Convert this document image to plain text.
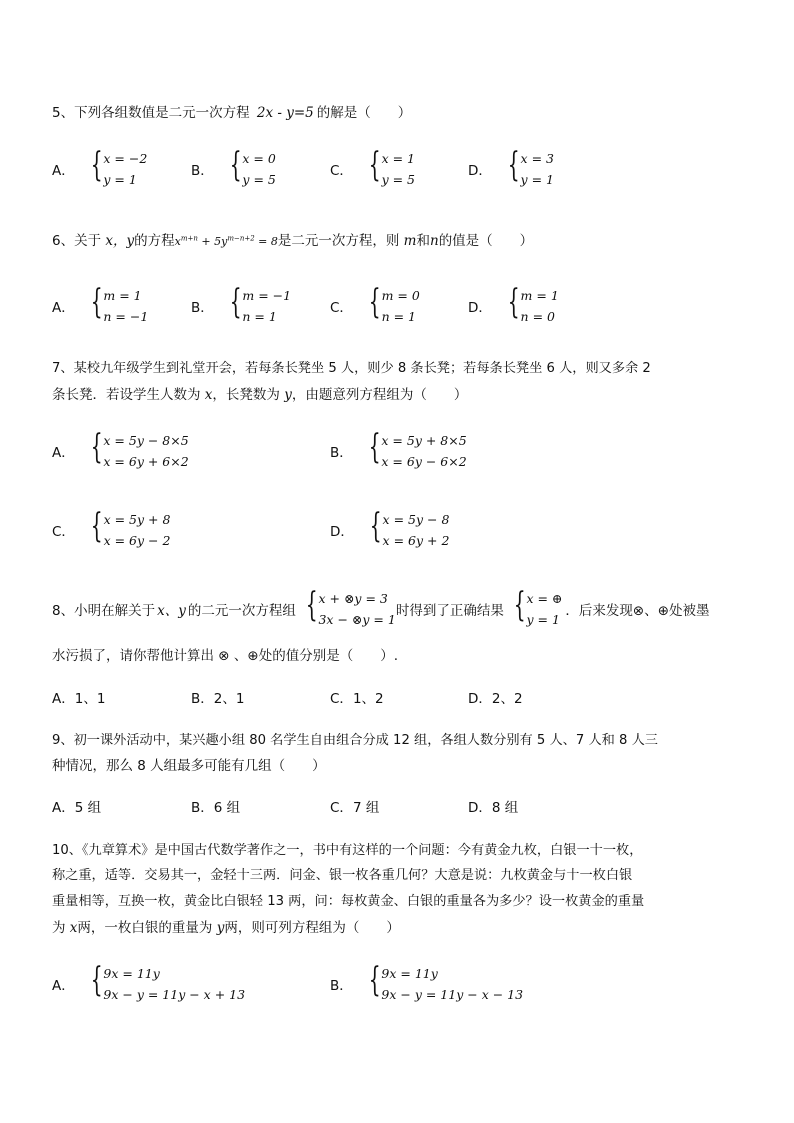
5、下列各组数值是二元一次方程 2x - y=5 的解是（　　）
A． { x = −2
y = 1
B． { x = 0
y = 5
C． { x = 1
y = 5
D． { x = 3
y = 1
6、关于 x，y的方程$x^{m+n} + 5y^{m-n+2} = 8$是二元一次方程，则 m和n的值是（　　）
A． { m = 1
n = −1
B． { m = −1
n = 1
C． { m = 0
n = 1
D． { m = 1
n = 0
7、某校九年级学生到礼堂开会，若每条长凳坐 5 人，则少 8 条长凳；若每条长凳坐 6 人，则又多余 2
条长凳．若设学生人数为 x，长凳数为 y，由题意列方程组为（　　）
A． { x = 5y − 8×5
x = 6y + 6×2
B． { x = 5y + 8×5
x = 6y − 6×2
C． { x = 5y + 8
x = 6y − 2
D． { x = 5y − 8
x = 6y + 2
8、小明在解关于 x、y 的二元一次方程组 { x + ⊗y = 3
3x − ⊗y = 1
时得到了正确结果 { x = ⊕
y = 1
．后来发现⊗、⊕处被墨
水污损了，请你帮他计算出 ⊗ 、⊕处的值分别是（　　）.
A．1、1	B．2、1	C．1、2	D．2、2
9、初一课外活动中，某兴趣小组 80 名学生自由组合分成 12 组，各组人数分别有 5 人、7 人和 8 人三
种情况，那么 8 人组最多可能有几组（　　）
A．5 组	B．6 组	C．7 组	D．8 组
10、《九章算术》是中国古代数学著作之一，书中有这样的一个问题：今有黄金九枚，白银一十一枚，
称之重，适等．交易其一，金轻十三两．问金、银一枚各重几何？大意是说：九枚黄金与十一枚白银
重量相等，互换一枚，黄金比白银轻 13 两，问：每枚黄金、白银的重量各为多少？设一枚黄金的重量
为 x两，一枚白银的重量为 y两，则可列方程组为（　　）
A． { 9x = 11y
9x − y = 11y − x + 13
B． { 9x = 11y
9x − y = 11y − x − 13
